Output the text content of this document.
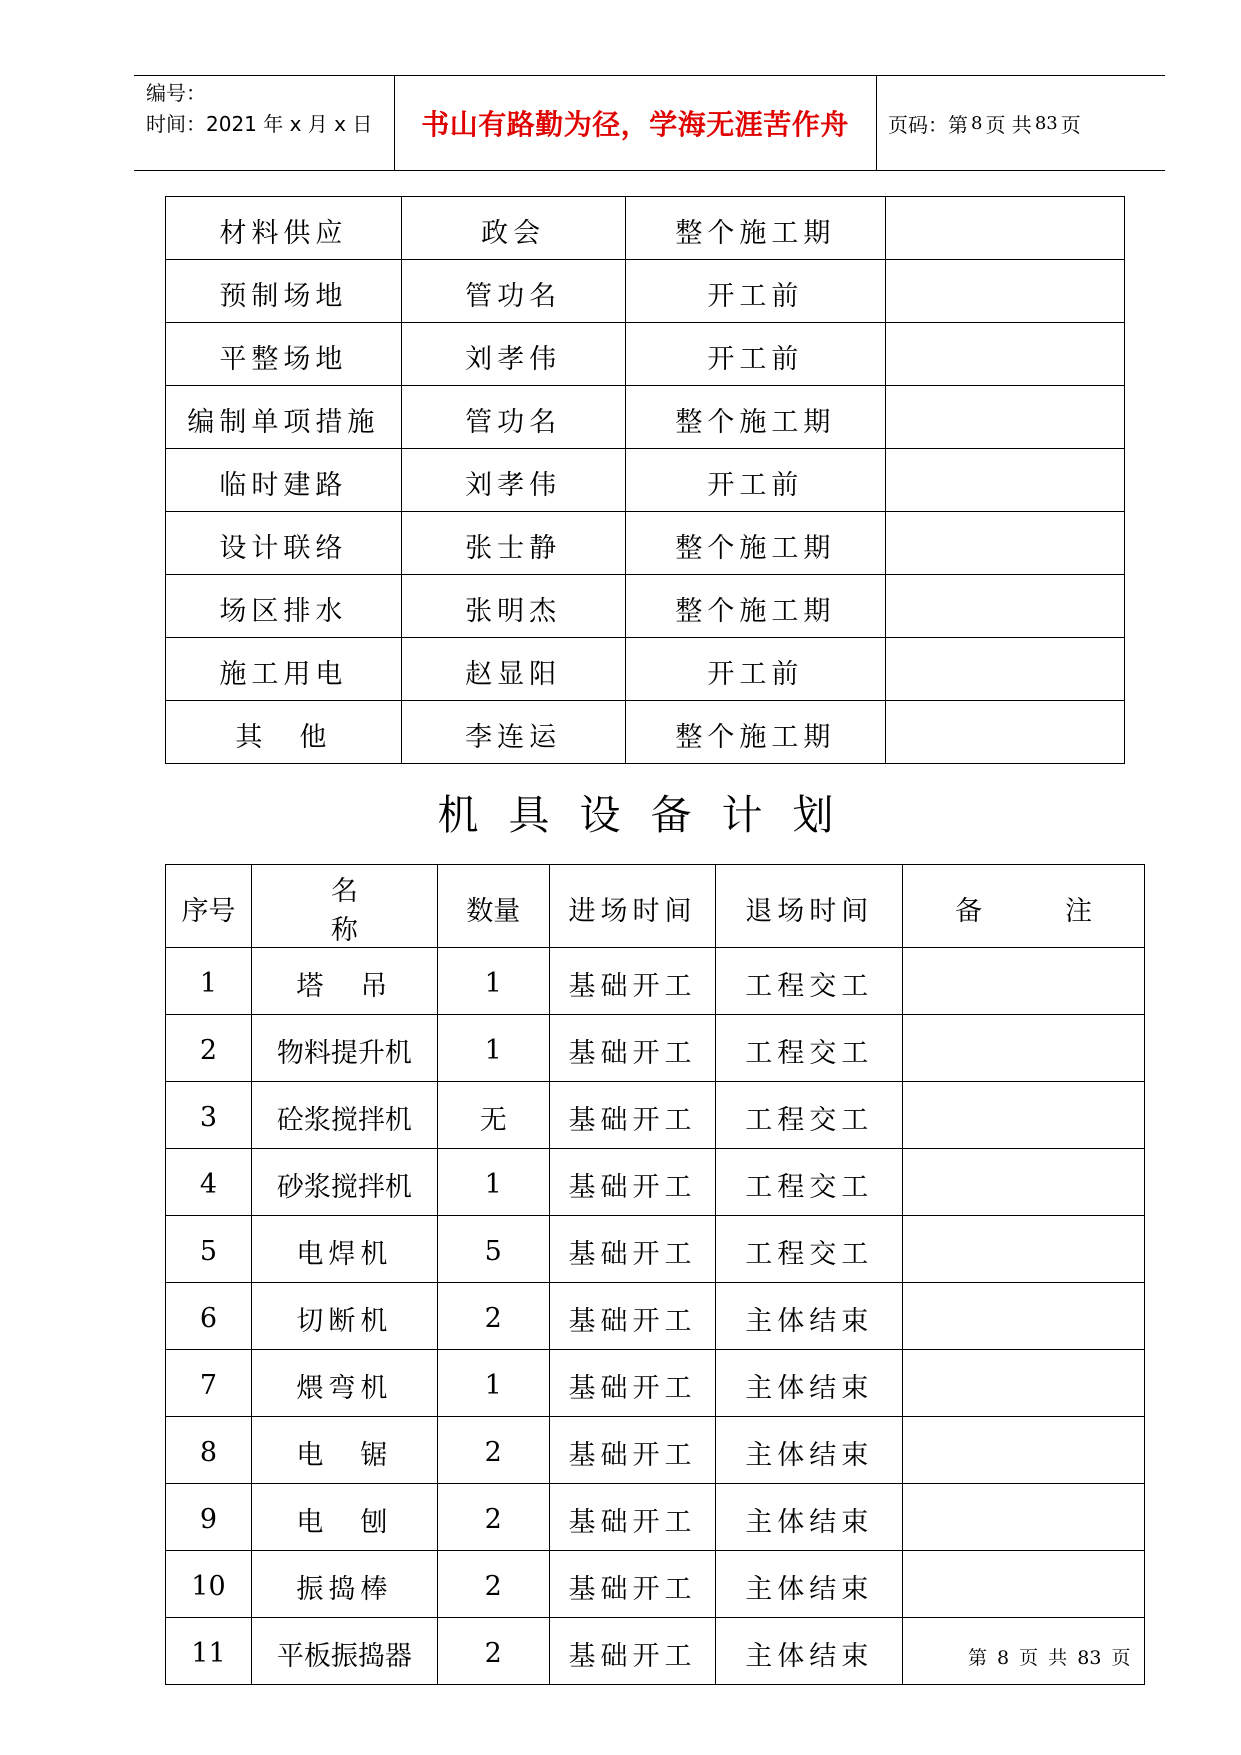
编号：
时间：2021 年 x 月 x 日	书山有路勤为径，学海无涯苦作舟	页码：第 8 页 共 83 页
材料供应	政会	整个施工期	
预制场地	管功名	开工前	
平整场地	刘孝伟	开工前	
编制单项措施	管功名	整个施工期	
临时建路	刘孝伟	开工前	
设计联络	张士静	整个施工期	
场区排水	张明杰	整个施工期	
施工用电	赵显阳	开工前	
其　他	李连运	整个施工期	
机具设备计划
序号	名　称	数量	进场时间	退场时间	备　注
1	塔　吊	1	基础开工	工程交工	
2	物料提升机	1	基础开工	工程交工	
3	砼浆搅拌机	无	基础开工	工程交工	
4	砂浆搅拌机	1	基础开工	工程交工	
5	电焊机	5	基础开工	工程交工	
6	切断机	2	基础开工	主体结束	
7	煨弯机	1	基础开工	主体结束	
8	电　锯	2	基础开工	主体结束	
9	电　刨	2	基础开工	主体结束	
10	振捣棒	2	基础开工	主体结束	
11	平板振捣器	2	基础开工	主体结束		第 8 页 共 83 页
